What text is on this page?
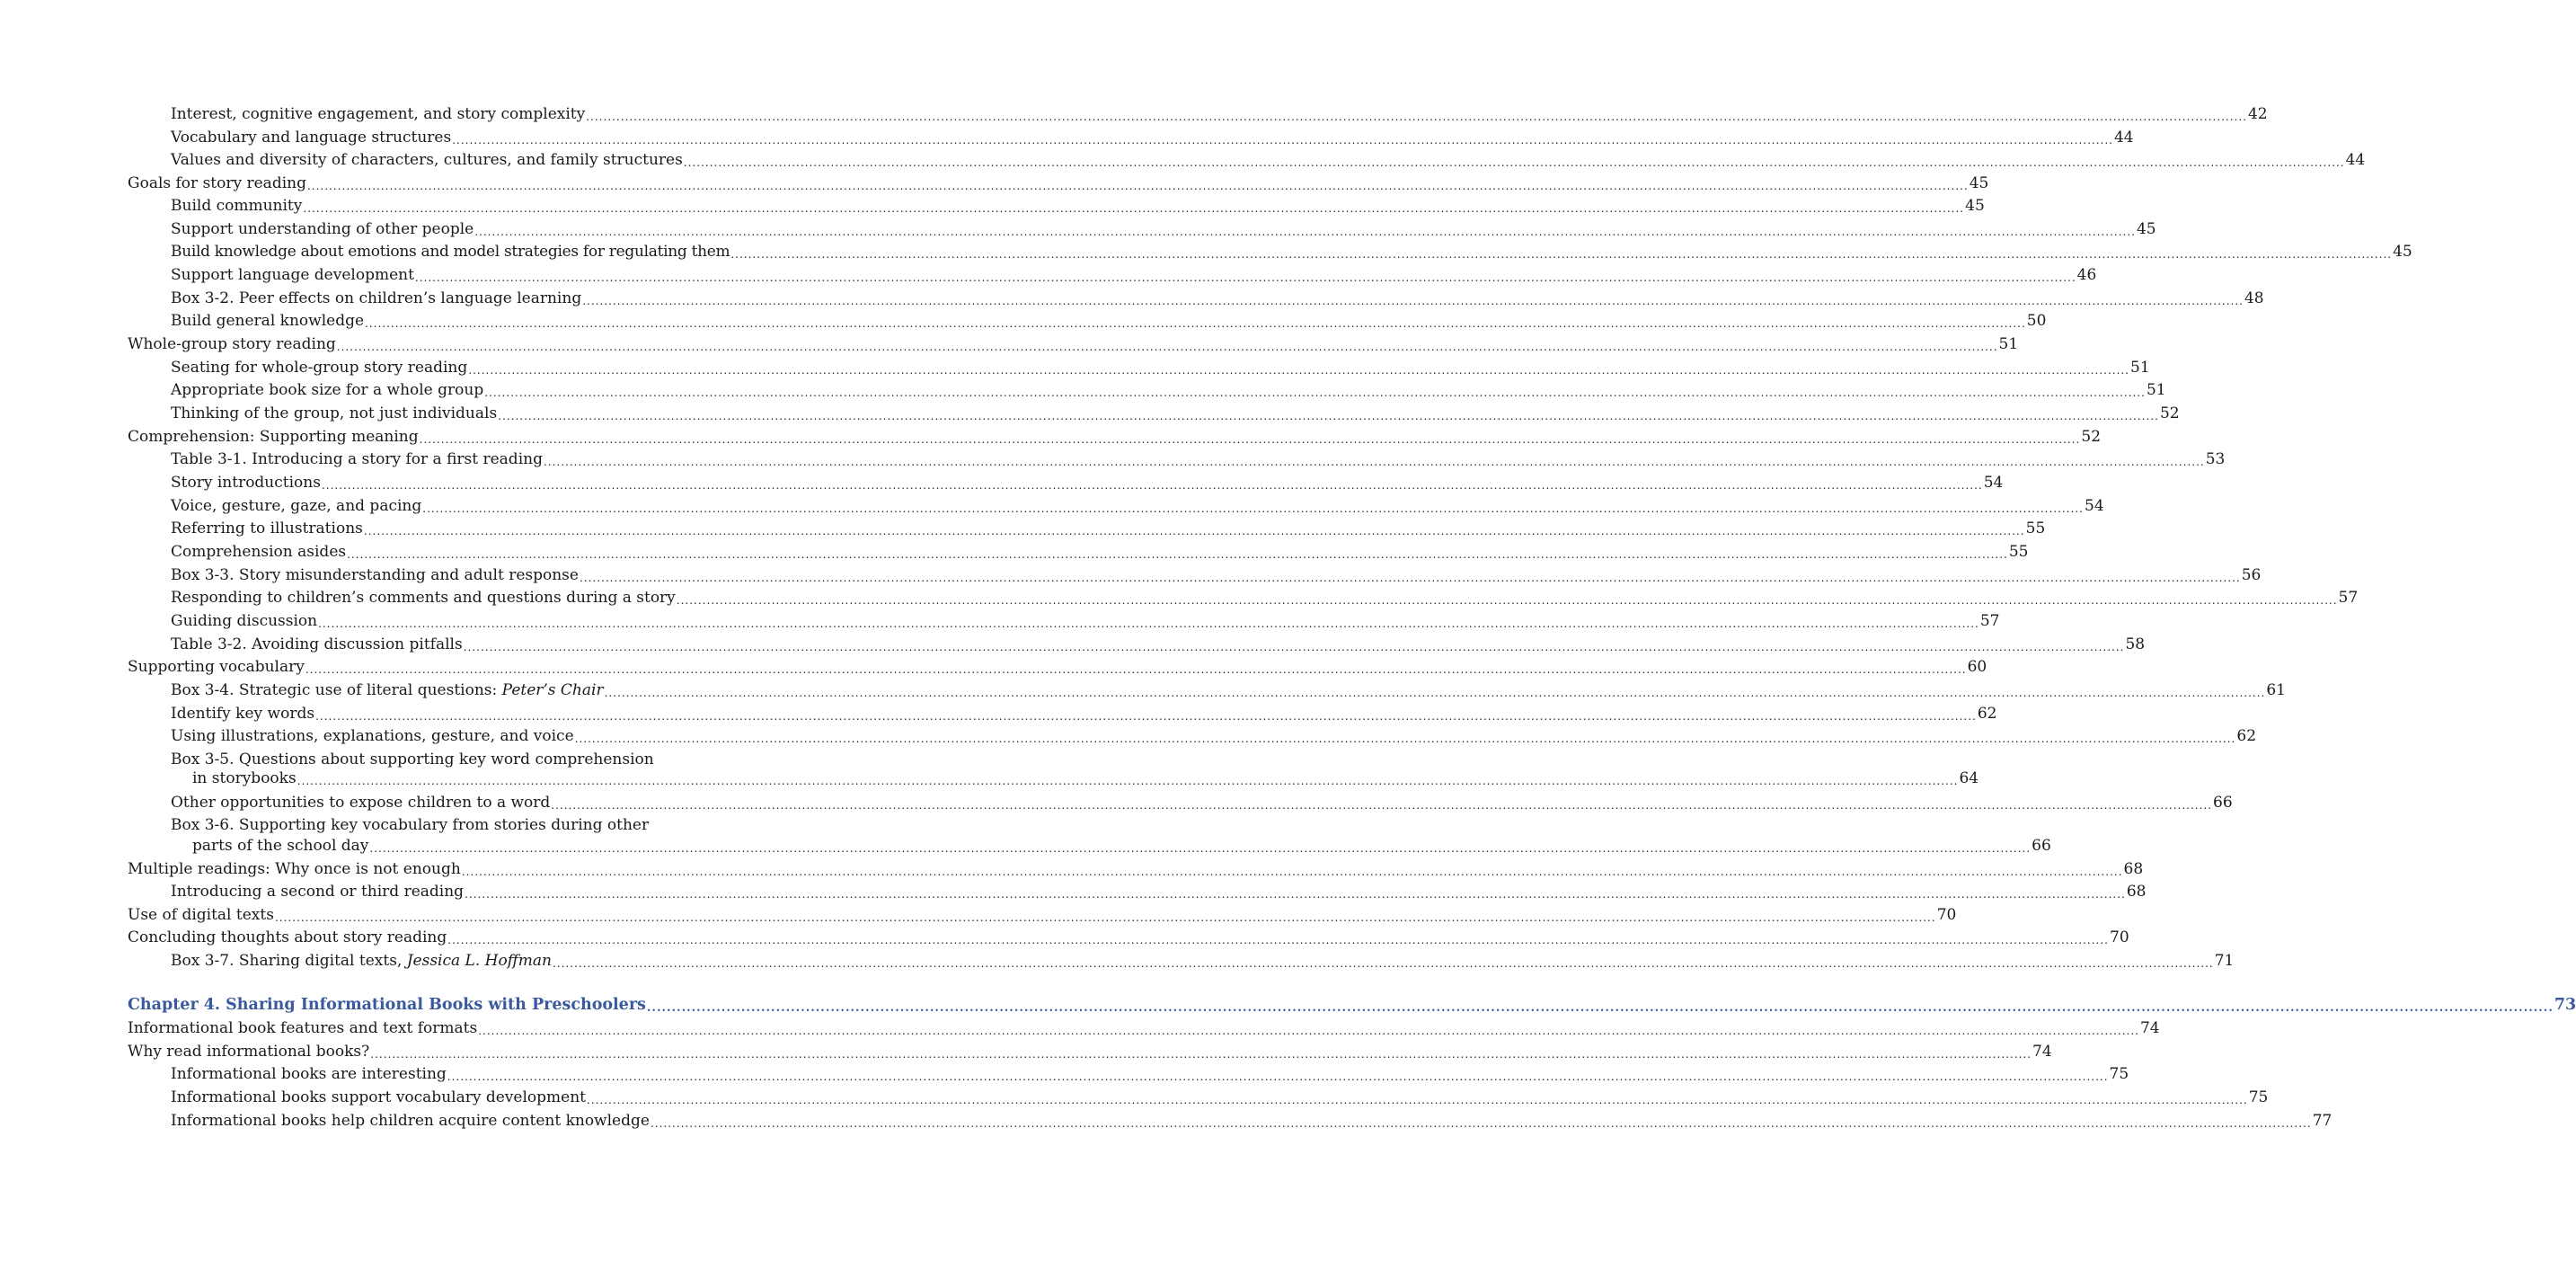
Interest, cognitive engagement, and story complexity ................................................................................................................................................................................................................................................................................................................................................................................................ 42
Vocabulary and language structures ................................................................................................................................................................................................................................................................................................................................................................................................ 44
Values and diversity of characters, cultures, and family structures ................................................................................................................................................................................................................................................................................................................................................................................................ 44
Goals for story reading ................................................................................................................................................................................................................................................................................................................................................................................................ 45
Build community ................................................................................................................................................................................................................................................................................................................................................................................................ 45
Support understanding of other people ................................................................................................................................................................................................................................................................................................................................................................................................ 45
Build knowledge about emotions and model strategies for regulating them ................................................................................................................................................................................................................................................................................................................................................................................................ 45
Support language development ................................................................................................................................................................................................................................................................................................................................................................................................ 46
Box 3-2. Peer effects on children’s language learning ................................................................................................................................................................................................................................................................................................................................................................................................ 48
Build general knowledge ................................................................................................................................................................................................................................................................................................................................................................................................ 50
Whole-group story reading ................................................................................................................................................................................................................................................................................................................................................................................................ 51
Seating for whole-group story reading ................................................................................................................................................................................................................................................................................................................................................................................................ 51
Appropriate book size for a whole group ................................................................................................................................................................................................................................................................................................................................................................................................ 51
Thinking of the group, not just individuals ................................................................................................................................................................................................................................................................................................................................................................................................ 52
Comprehension: Supporting meaning ................................................................................................................................................................................................................................................................................................................................................................................................ 52
Table 3-1. Introducing a story for a first reading ................................................................................................................................................................................................................................................................................................................................................................................................ 53
Story introductions ................................................................................................................................................................................................................................................................................................................................................................................................ 54
Voice, gesture, gaze, and pacing ................................................................................................................................................................................................................................................................................................................................................................................................ 54
Referring to illustrations ................................................................................................................................................................................................................................................................................................................................................................................................ 55
Comprehension asides ................................................................................................................................................................................................................................................................................................................................................................................................ 55
Box 3-3. Story misunderstanding and adult response ................................................................................................................................................................................................................................................................................................................................................................................................ 56
Responding to children’s comments and questions during a story ................................................................................................................................................................................................................................................................................................................................................................................................ 57
Guiding discussion ................................................................................................................................................................................................................................................................................................................................................................................................ 57
Table 3-2. Avoiding discussion pitfalls ................................................................................................................................................................................................................................................................................................................................................................................................ 58
Supporting vocabulary ................................................................................................................................................................................................................................................................................................................................................................................................ 60
Box 3-4. Strategic use of literal questions: Peter’s Chair ................................................................................................................................................................................................................................................................................................................................................................................................ 61
Identify key words ................................................................................................................................................................................................................................................................................................................................................................................................ 62
Using illustrations, explanations, gesture, and voice ................................................................................................................................................................................................................................................................................................................................................................................................ 62
Box 3-5. Questions about supporting key word comprehension
in storybooks ................................................................................................................................................................................................................................................................................................................................................................................................ 64
Other opportunities to expose children to a word ................................................................................................................................................................................................................................................................................................................................................................................................ 66
Box 3-6. Supporting key vocabulary from stories during other
parts of the school day ................................................................................................................................................................................................................................................................................................................................................................................................ 66
Multiple readings: Why once is not enough ................................................................................................................................................................................................................................................................................................................................................................................................ 68
Introducing a second or third reading ................................................................................................................................................................................................................................................................................................................................................................................................ 68
Use of digital texts ................................................................................................................................................................................................................................................................................................................................................................................................ 70
Concluding thoughts about story reading ................................................................................................................................................................................................................................................................................................................................................................................................ 70
Box 3-7. Sharing digital texts, Jessica L. Hoffman ................................................................................................................................................................................................................................................................................................................................................................................................ 71
Chapter 4. Sharing Informational Books with Preschoolers ................................................................................................................................................................................................................................................................................................................................................................................................ 73
Informational book features and text formats ................................................................................................................................................................................................................................................................................................................................................................................................ 74
Why read informational books? ................................................................................................................................................................................................................................................................................................................................................................................................ 74
Informational books are interesting ................................................................................................................................................................................................................................................................................................................................................................................................ 75
Informational books support vocabulary development ................................................................................................................................................................................................................................................................................................................................................................................................ 75
Informational books help children acquire content knowledge ................................................................................................................................................................................................................................................................................................................................................................................................ 77
